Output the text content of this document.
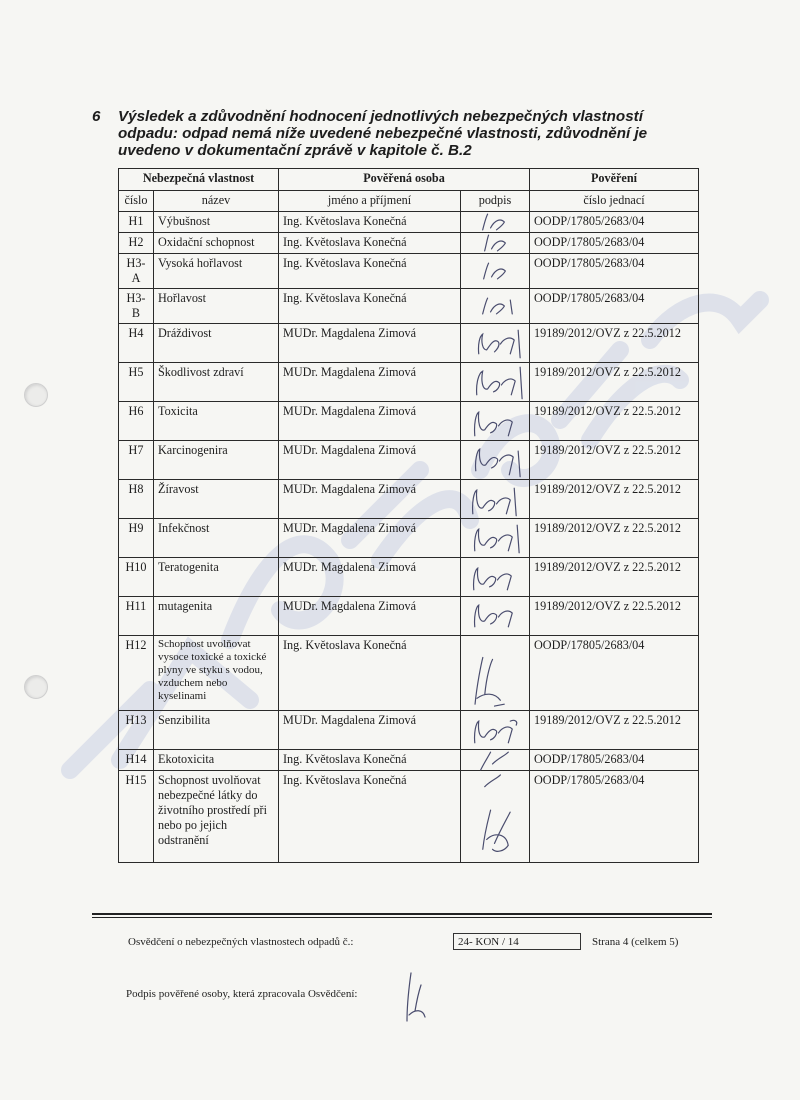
6 Výsledek a zdůvodnění hodnocení jednotlivých nebezpečných vlastností odpadu: odpad nemá níže uvedené nebezpečné vlastnosti, zdůvodnění je uvedeno v dokumentační zprávě v kapitole č. B.2
Nebezpečná vlastnost		Pověřená osoba		Pověření
číslo	název	jméno a příjmení	podpis	číslo jednací
H1	Výbušnost	Ing. Květoslava Konečná		OODP/17805/2683/04
H2	Oxidační schopnost	Ing. Květoslava Konečná		OODP/17805/2683/04
H3-A	Vysoká hořlavost	Ing. Květoslava Konečná		OODP/17805/2683/04
H3-B	Hořlavost	Ing. Květoslava Konečná		OODP/17805/2683/04
H4	Dráždivost	MUDr. Magdalena Zimová		19189/2012/OVZ z 22.5.2012
H5	Škodlivost zdraví	MUDr. Magdalena Zimová		19189/2012/OVZ z 22.5.2012
H6	Toxicita	MUDr. Magdalena Zimová		19189/2012/OVZ z 22.5.2012
H7	Karcinogenira	MUDr. Magdalena Zimová		19189/2012/OVZ z 22.5.2012
H8	Žíravost	MUDr. Magdalena Zimová		19189/2012/OVZ z 22.5.2012
H9	Infekčnost	MUDr. Magdalena Zimová		19189/2012/OVZ z 22.5.2012
H10	Teratogenita	MUDr. Magdalena Zimová		19189/2012/OVZ z 22.5.2012
H11	mutagenita	MUDr. Magdalena Zimová		19189/2012/OVZ z 22.5.2012
H12	Schopnost uvolňovat vysoce toxické a toxické plyny ve styku s vodou, vzduchem nebo kyselinami	Ing. Květoslava Konečná		OODP/17805/2683/04
H13	Senzibilita	MUDr. Magdalena Zimová		19189/2012/OVZ z 22.5.2012
H14	Ekotoxicita	Ing. Květoslava Konečná		OODP/17805/2683/04
H15	Schopnost uvolňovat nebezpečné látky do životního prostředí při nebo po jejich odstranění	Ing. Květoslava Konečná		OODP/17805/2683/04
Osvědčení o nebezpečných vlastnostech odpadů č.:	24- KON / 14	Strana 4 (celkem 5)
Podpis pověřené osoby, která zpracovala Osvědčení:
